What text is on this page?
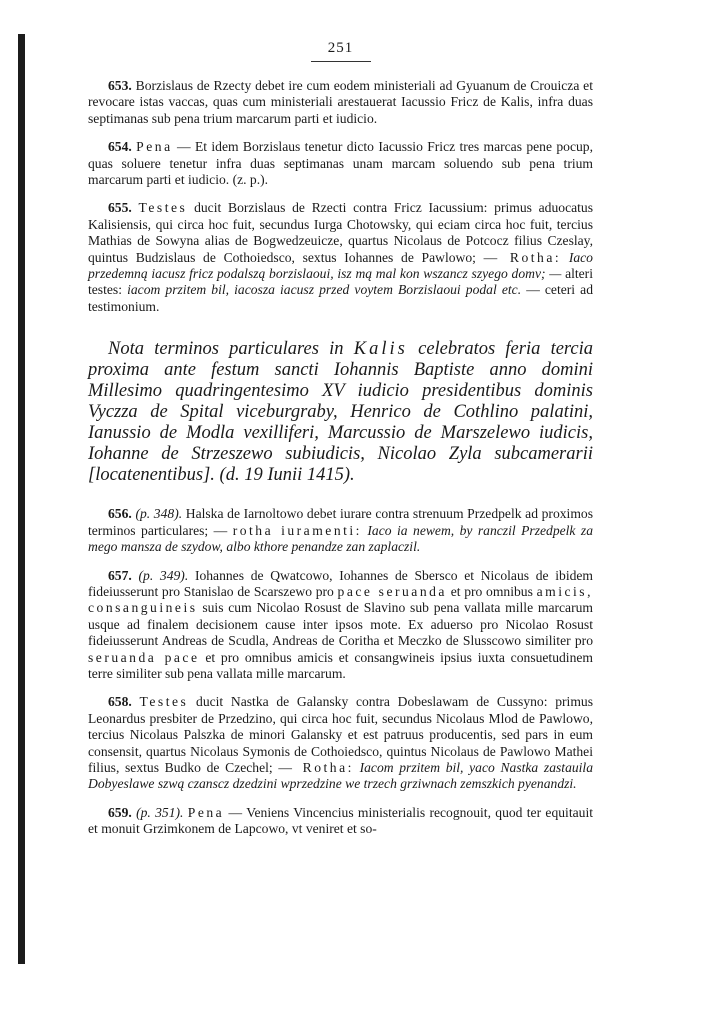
251

653. Borzislaus de Rzecty debet ire cum eodem ministeriali ad Gyuanum de Crouicza et revocare istas vaccas, quas cum ministeriali arestauerat Iacussio Fricz de Kalis, infra duas septimanas sub pena trium marcarum parti et iudicio.

654. Pena — Et idem Borzislaus tenetur dicto Iacussio Fricz tres marcas pene pocup, quas soluere tenetur infra duas septimanas unam marcam soluendo sub pena trium marcarum parti et iudicio. (z. p.).

655. Testes ducit Borzislaus de Rzecti contra Fricz Iacussium: primus aduocatus Kalisiensis, qui circa hoc fuit, secundus Iurga Chotowsky, qui eciam circa hoc fuit, tercius Mathias de Sowyna alias de Bogwedzeuicze, quartus Nicolaus de Potcocz filius Czeslay, quintus Budzislaus de Cothoiedsco, sextus Iohannes de Pawlowo; — Rotha: Iaco przedemną iacusz fricz podalszą borzislaoui, isz mą mal kon wszancz szyego domv; — alteri testes: iacom przitem bil, iacosza iacusz przed voytem Borzislaoui podal etc. — ceteri ad testimonium.

Nota terminos particulares in Kalis celebratos feria tercia proxima ante festum sancti Iohannis Baptiste anno domini Millesimo quadringentesimo XV iudicio presidentibus dominis Vyczza de Spital viceburgraby, Henrico de Cothlino palatini, Ianussio de Modla vexilliferi, Marcussio de Marszelewo iudicis, Iohanne de Strzeszewo subiudicis, Nicolao Zyla subcamerarii [locatenentibus]. (d. 19 Iunii 1415).

656. (p. 348). Halska de Iarnoltowo debet iurare contra strenuum Przedpelk ad proximos terminos particulares; — rotha iuramenti: Iaco ia newem, by ranczil Przedpelk za mego mansza de szydow, albo kthore penandze zan zaplaczil.

657. (p. 349). Iohannes de Qwatcowo, Iohannes de Sbersco et Nicolaus de ibidem fideiusserunt pro Stanislao de Scarszewo pro pace seruanda et pro omnibus amicis, consanguineis suis cum Nicolao Rosust de Slavino sub pena vallata mille marcarum usque ad finalem decisionem cause inter ipsos mote. Ex aduerso pro Nicolao Rosust fideiusserunt Andreas de Scudla, Andreas de Coritha et Meczko de Slusscowo similiter pro seruanda pace et pro omnibus amicis et consangwineis ipsius iuxta consuetudinem terre similiter sub pena vallata mille marcarum.

658. Testes ducit Nastka de Galansky contra Dobeslawam de Cussyno: primus Leonardus presbiter de Przedzino, qui circa hoc fuit, secundus Nicolaus Mlod de Pawlowo, tercius Nicolaus Palszka de minori Galansky et est patruus producentis, sed pars in eum consensit, quartus Nicolaus Symonis de Cothoiedsco, quintus Nicolaus de Pawlowo Mathei filius, sextus Budko de Czechel; — Rotha: Iacom przitem bil, yaco Nastka zastauila Dobyeslawe szwą czanscz dzedzini wprzedzine we trzech grziwnach zemszkich pyenandzi.

659. (p. 351). Pena — Veniens Vincencius ministerialis recognouit, quod ter equitauit et monuit Grzimkonem de Lapcowo, vt veniret et so-
